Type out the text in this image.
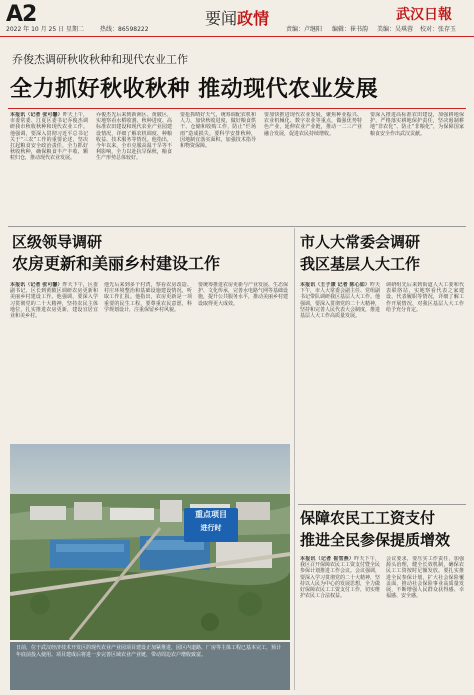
A2	要闻政情	武汉日報
2022 年 10 月 25 日 星期二	热线：86598222	责编：卢继阳 编辑：崔书韵 美编：吴琪蓉 校对：张存玉
乔俊杰调研秋收秋种和现代农业工作
全力抓好秋收秋种 推动现代农业发展
本报讯（记者 张可馨）昨天上午，市委常委、江夏区委书记乔俊杰调研我市秋收秋种和现代农业工作。他强调，要深入贯彻习近平总书记关于“三农”工作的重要论述，坚决扛起粮食安全政治责任，全力抓好秋收秋种，确保粮食丰产丰收、颗粒归仓，推动现代农业发展。
乔俊杰先后来到新洲区、黄陂区，实地察看水稻收割、秋种进度、高标准农田建设和现代农业产业园建设情况，详细了解农机调度、种粮收益、技术服务等情况。他指出，今年以来，全市克服高温干旱等不利影响，全力以赴抗旱保秋，粮食生产形势总体较好。
要抢抓晴好天气，统筹调配农机和人力，加快秋收进度，做好粮食烘干、仓储和收购工作，防止“烂场雨”造成损失。要科学安排秋种，因地制宜落实面积，加强技术指导和物资保障。
要加快推进现代农业发展，聚焦种业振兴、农业机械化、数字农业等重点，做强优势特色产业，延伸农业产业链，推动一二三产业融合发展，促进农民持续增收。
要深入推进高标准农田建设，加强耕地保护，严格落实耕地保护责任，坚决遏制耕地“非农化”、防止“非粮化”，为保障国家粮食安全作出武汉贡献。
区级领导调研
农房更新和美丽乡村建设工作
本报讯（记者 张可馨）昨天下午，区委副书记、区长到黄陂区调研农房更新和美丽乡村建设工作。他强调，要深入学习贯彻党的二十大精神，坚持农民主体地位，扎实推进农房更新，建设宜居宜业和美乡村。
他先后来到多个村湾，察看农房改造、村庄环境整治和基础设施建设情况，听取工作汇报。他指出，农房更新是一项重要的民生工程，要尊重农民意愿，科学规划设计，注重保留乡村风貌。
要统筹推进农房更新与产业发展、生态保护、文化传承，完善水电路气网等基础设施，提升公共服务水平，推动美丽乡村建设取得更大成效。
市人大常委会调研
我区基层人大工作
本报讯（王子康 记者 陈心如）昨天下午，市人大常委会副主任、党组副书记带队调研我区基层人大工作。他强调，要深入贯彻党的二十大精神，坚持和完善人民代表大会制度，推进基层人大工作高质量发展。
调研组先后来到街道人大工委和代表联络站，实地察看代表之家建设、代表履职等情况，详细了解工作开展情况，对我区基层人大工作给予充分肯定。
保障农民工工资支付
推进全民参保提质增效
本报讯（记者 崔雪燕）昨天下午，我区召开保障农民工工资支付暨全民参保计划推进工作会议。会议强调，要深入学习贯彻党的二十大精神，坚持以人民为中心的发展思想，全力做好保障农民工工资支付工作，切实维护农民工合法权益。
会议要求，要压实工作责任，加强源头治理，健全长效机制，确保农民工工资按时足额发放。要扎实推进全民参保计划，扩大社会保险覆盖面，推动社会保险事业高质量发展，不断增强人民群众获得感、幸福感、安全感。
重点项目
进行时
日前，位于武汉经济技术开发区的现代农业产业园项目建设正加紧推进，园区内道路、厂房等主体工程已基本完工，预计年底前投入使用。项目建成后将进一步完善区域农业产业链，带动周边农户增收致富。
